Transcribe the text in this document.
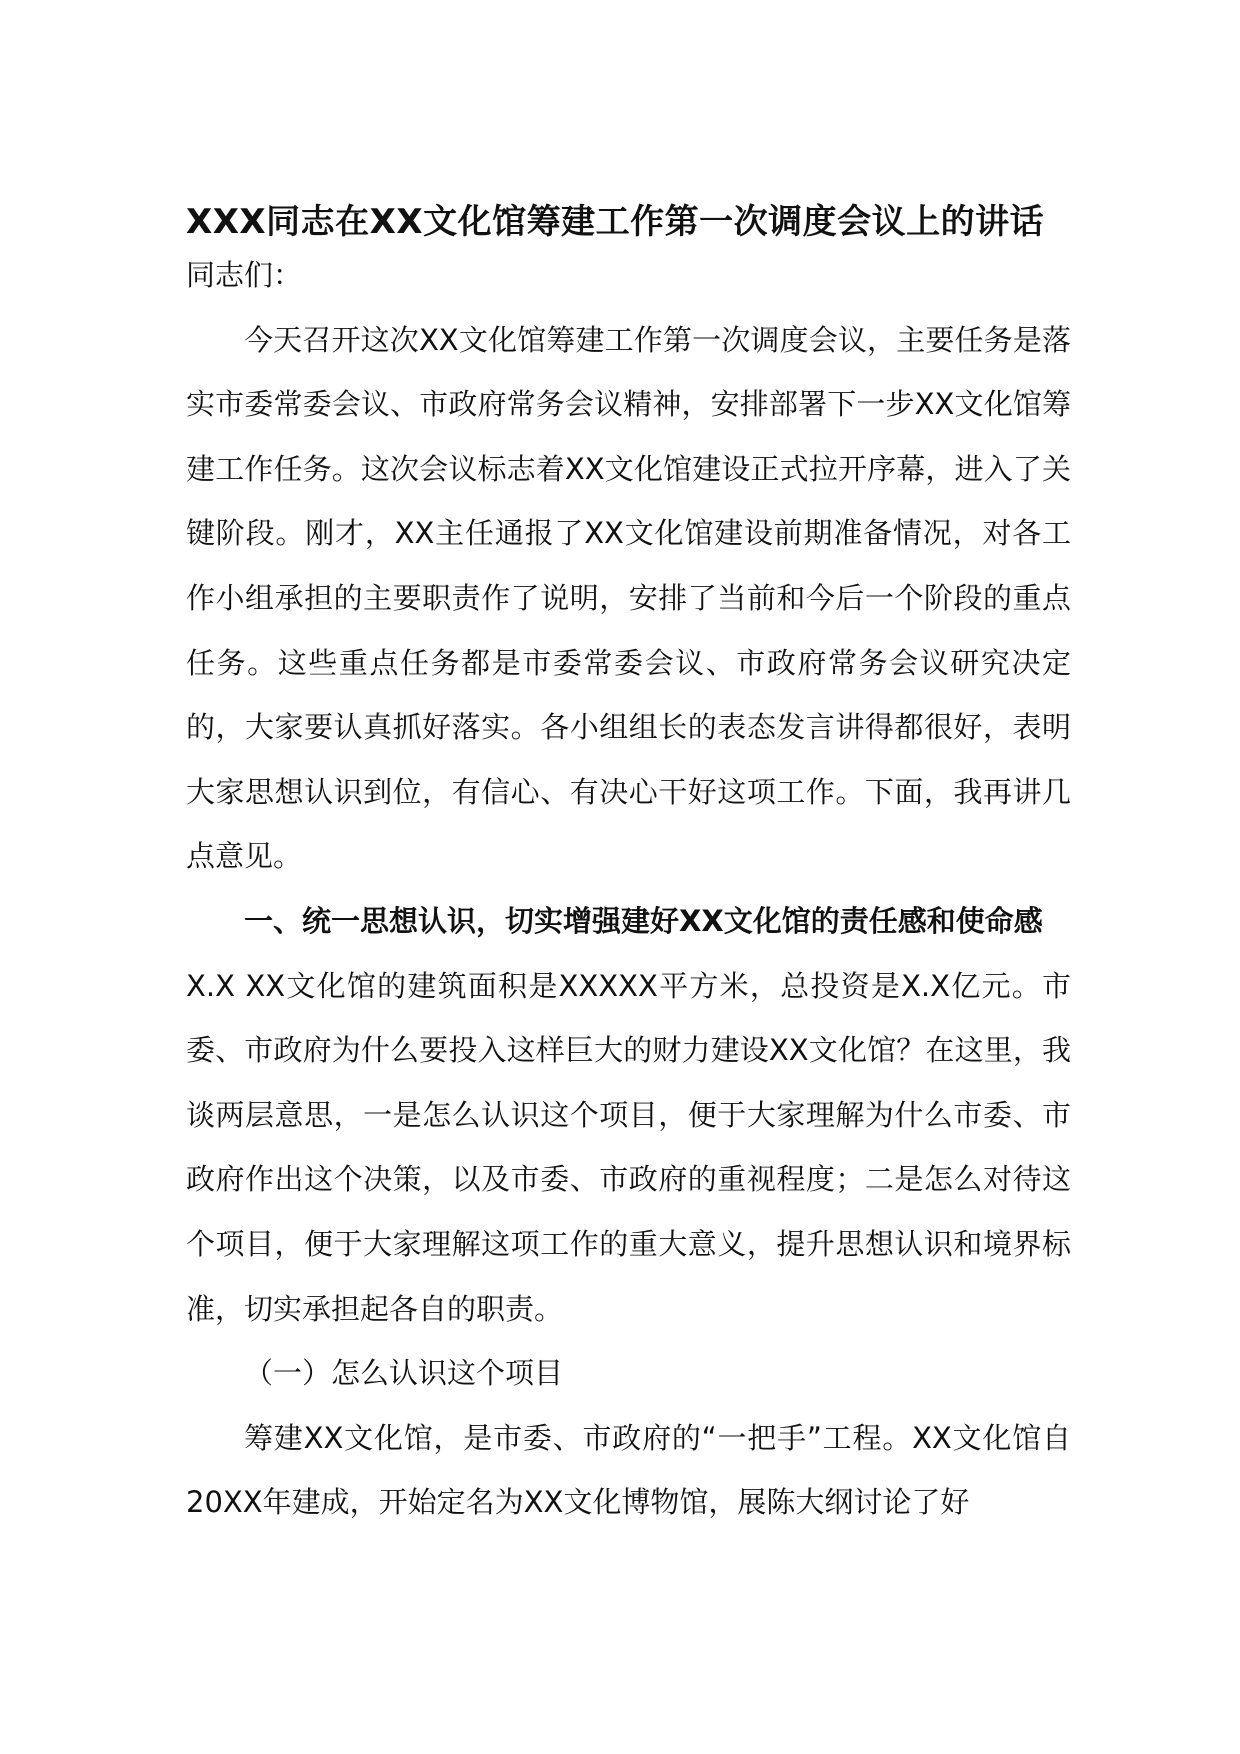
XXX同志在XX文化馆筹建工作第一次调度会议上的讲话

同志们：

今天召开这次XX文化馆筹建工作第一次调度会议，主要任务是落实市委常委会议、市政府常务会议精神，安排部署下一步XX文化馆筹建工作任务。这次会议标志着XX文化馆建设正式拉开序幕，进入了关键阶段。刚才，XX主任通报了XX文化馆建设前期准备情况，对各工作小组承担的主要职责作了说明，安排了当前和今后一个阶段的重点任务。这些重点任务都是市委常委会议、市政府常务会议研究决定的，大家要认真抓好落实。各小组组长的表态发言讲得都很好，表明大家思想认识到位，有信心、有决心干好这项工作。下面，我再讲几点意见。

一、统一思想认识，切实增强建好XX文化馆的责任感和使命感

X.X XX文化馆的建筑面积是XXXXX平方米，总投资是X.X亿元。市委、市政府为什么要投入这样巨大的财力建设XX文化馆？在这里，我谈两层意思，一是怎么认识这个项目，便于大家理解为什么市委、市政府作出这个决策，以及市委、市政府的重视程度；二是怎么对待这个项目，便于大家理解这项工作的重大意义，提升思想认识和境界标准，切实承担起各自的职责。

（一）怎么认识这个项目

筹建XX文化馆，是市委、市政府的“一把手”工程。XX文化馆自20XX年建成，开始定名为XX文化博物馆，展陈大纲讨论了好
